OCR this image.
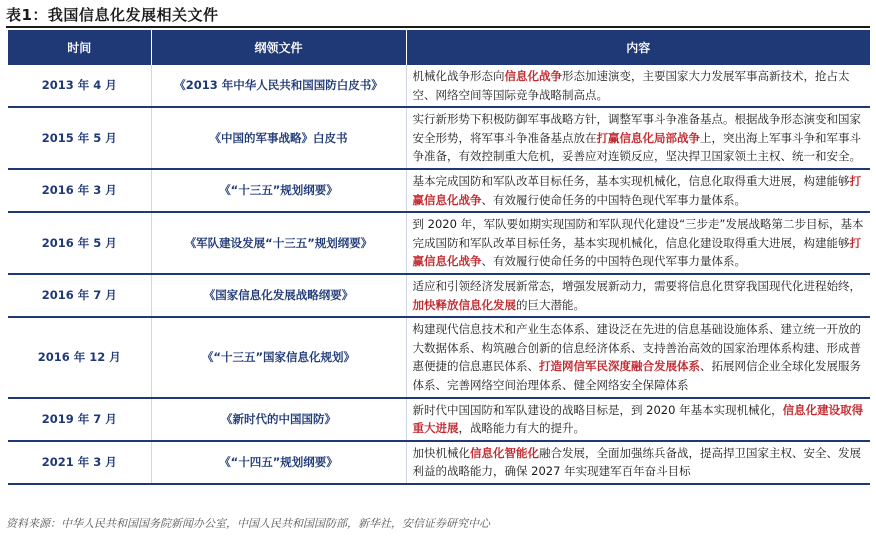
表1：我国信息化发展相关文件
时间	纲领文件	内容
2013 年 4 月	《2013 年中华人民共和国国防白皮书》	机械化战争形态向信息化战争形态加速演变，主要国家大力发展军事高新技术，抢占太空、网络空间等国际竞争战略制高点。
2015 年 5 月	《中国的军事战略》白皮书	实行新形势下积极防御军事战略方针，调整军事斗争准备基点。根据战争形态演变和国家安全形势，将军事斗争准备基点放在打赢信息化局部战争上，突出海上军事斗争和军事斗争准备，有效控制重大危机，妥善应对连锁反应，坚决捍卫国家领土主权、统一和安全。
2016 年 3 月	《“十三五”规划纲要》	基本完成国防和军队改革目标任务，基本实现机械化，信息化取得重大进展，构建能够打赢信息化战争、有效履行使命任务的中国特色现代军事力量体系。
2016 年 5 月	《军队建设发展“十三五”规划纲要》	到 2020 年，军队要如期实现国防和军队现代化建设“三步走”发展战略第二步目标，基本完成国防和军队改革目标任务，基本实现机械化，信息化建设取得重大进展，构建能够打赢信息化战争、有效履行使命任务的中国特色现代军事力量体系。
2016 年 7 月	《国家信息化发展战略纲要》	适应和引领经济发展新常态，增强发展新动力，需要将信息化贯穿我国现代化进程始终，加快释放信息化发展的巨大潜能。
2016 年 12 月	《“十三五”国家信息化规划》	构建现代信息技术和产业生态体系、建设泛在先进的信息基础设施体系、建立统一开放的大数据体系、构筑融合创新的信息经济体系、支持善治高效的国家治理体系构建、形成普惠便捷的信息惠民体系、打造网信军民深度融合发展体系、拓展网信企业全球化发展服务体系、完善网络空间治理体系、健全网络安全保障体系
2019 年 7 月	《新时代的中国国防》	新时代中国国防和军队建设的战略目标是，到 2020 年基本实现机械化，信息化建设取得重大进展，战略能力有大的提升。
2021 年 3 月	《“十四五”规划纲要》	加快机械化信息化智能化融合发展，全面加强练兵备战，提高捍卫国家主权、安全、发展利益的战略能力，确保 2027 年实现建军百年奋斗目标
资料来源：中华人民共和国国务院新闻办公室，中国人民共和国国防部，新华社，安信证券研究中心
